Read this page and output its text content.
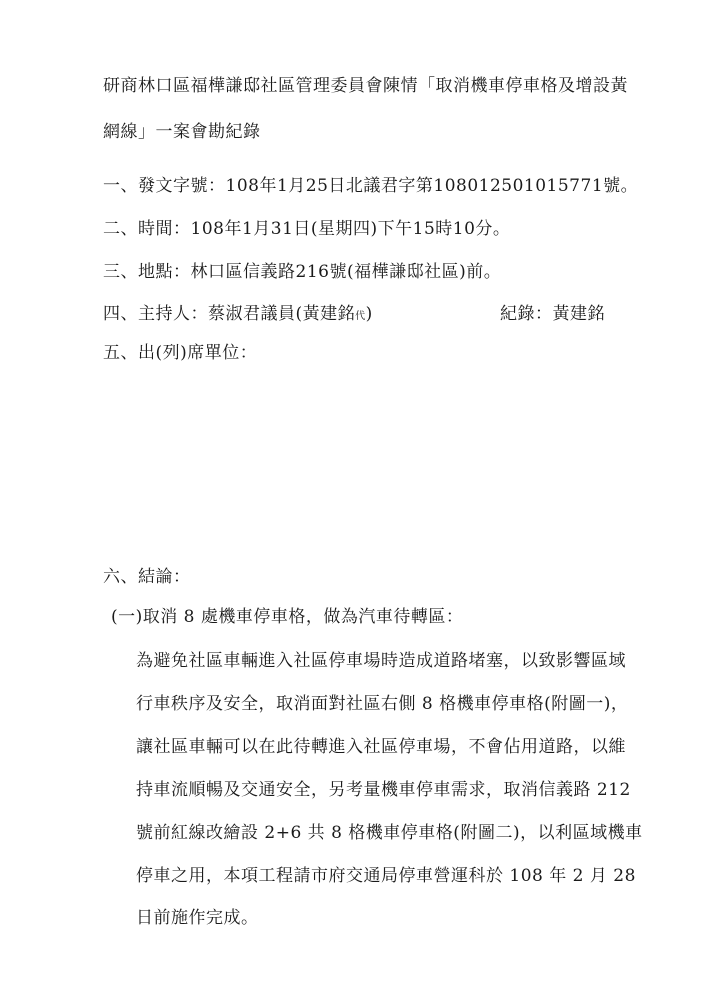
研商林口區福樺謙邸社區管理委員會陳情「取消機車停車格及增設黃
網線」一案會勘紀錄
一、發文字號：108年1月25日北議君字第108012501015771號。
二、時間：108年1月31日(星期四)下午15時10分。
三、地點：林口區信義路216號(福樺謙邸社區)前。
四、主持人：蔡淑君議員(黃建銘代)	紀錄：黃建銘
五、出(列)席單位：
六、結論：
(一)取消 8 處機車停車格，做為汽車待轉區：
為避免社區車輛進入社區停車場時造成道路堵塞，以致影響區域
行車秩序及安全，取消面對社區右側 8 格機車停車格(附圖一)，
讓社區車輛可以在此待轉進入社區停車場，不會佔用道路，以維
持車流順暢及交通安全，另考量機車停車需求，取消信義路 212
號前紅線改繪設 2+6 共 8 格機車停車格(附圖二)，以利區域機車
停車之用，本項工程請市府交通局停車營運科於 108 年 2 月 28
日前施作完成。
